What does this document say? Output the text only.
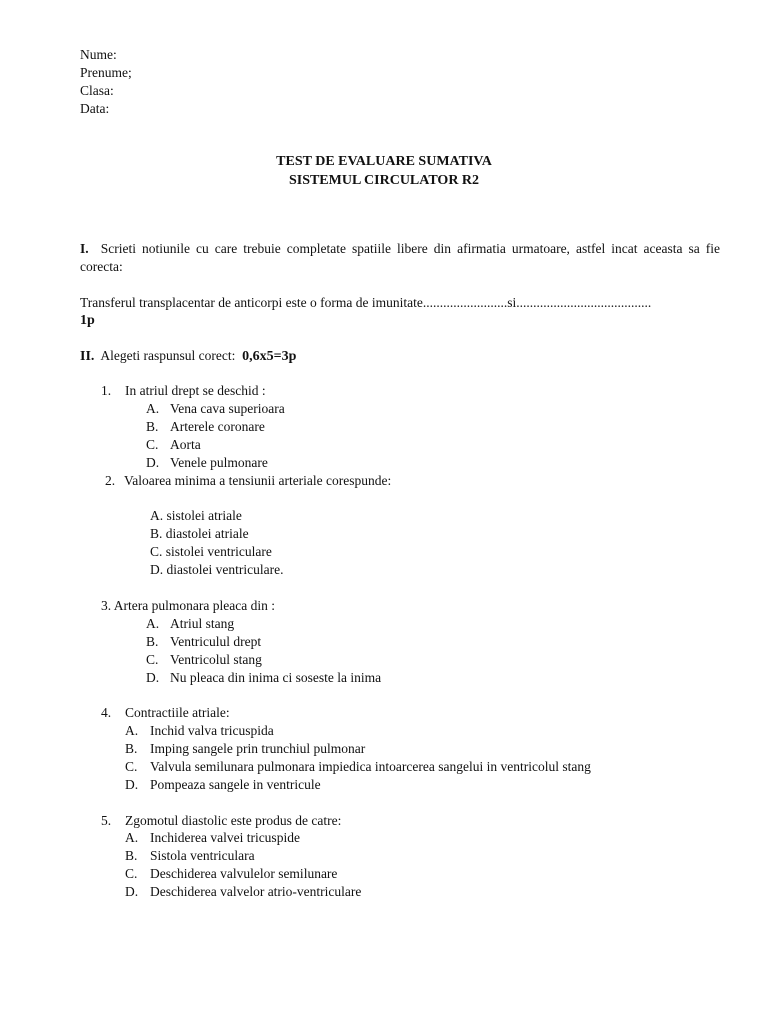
Nume:
Prenume;
Clasa:
Data:
TEST DE EVALUARE SUMATIVA
SISTEMUL CIRCULATOR R2
I. Scrieti notiunile cu care trebuie completate spatiile libere din afirmatia urmatoare, astfel incat aceasta sa fie
corecta:
Transferul transplacentar de anticorpi este o forma de imunitate.........................si........................................
1p
II. Alegeti raspunsul corect: 0,6x5=3p
1. In atriul drept se deschid :
A. Vena cava superioara
B. Arterele coronare
C. Aorta
D. Venele pulmonare
2. Valoarea minima a tensiunii arteriale corespunde:
A. sistolei atriale
B. diastolei atriale
C. sistolei ventriculare
D. diastolei ventriculare.
3. Artera pulmonara pleaca din :
A. Atriul stang
B. Ventriculul drept
C. Ventricolul stang
D. Nu pleaca din inima ci soseste la inima
4. Contractiile atriale:
A. Inchid valva tricuspida
B. Imping sangele prin trunchiul pulmonar
C. Valvula semilunara pulmonara impiedica intoarcerea sangelui in ventricolul stang
D. Pompeaza sangele in ventricule
5. Zgomotul diastolic este produs de catre:
A. Inchiderea valvei tricuspide
B. Sistola ventriculara
C. Deschiderea valvulelor semilunare
D. Deschiderea valvelor atrio-ventriculare
